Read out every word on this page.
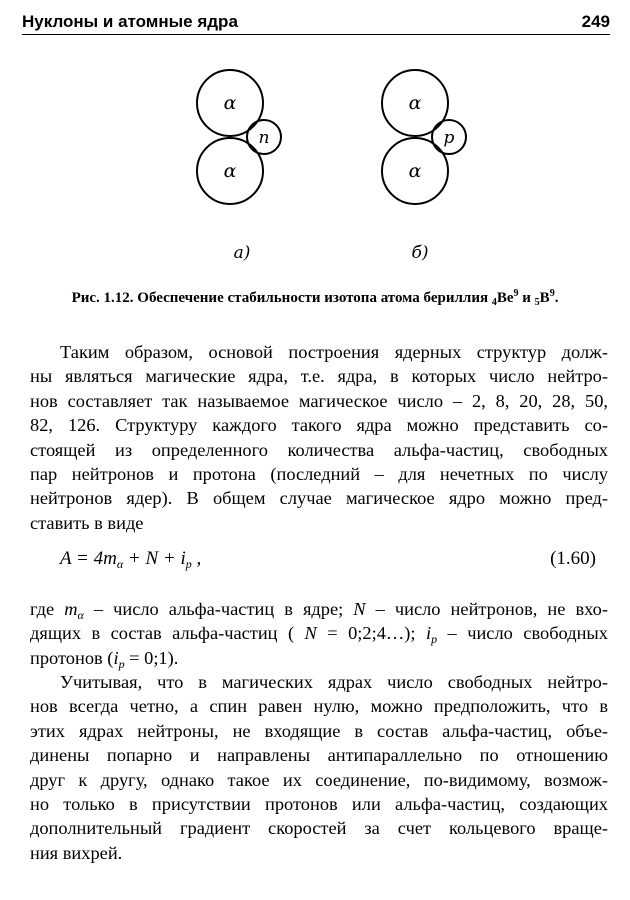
Нуклоны и атомные ядра	249
α
α
n
а)
α
α
p
б)
Рис. 1.12. Обеспечение стабильности изотопа атома бериллия $_4Be^9$ и $_5B^9$.
Таким образом, основой построения ядерных структур долж-
ны являться магические ядра, т.е. ядра, в которых число нейтро-
нов составляет так называемое магическое число – 2, 8, 20, 28, 50,
82, 126. Структуру каждого такого ядра можно представить со-
стоящей из определенного количества альфа-частиц, свободных
пар нейтронов и протона (последний – для нечетных по числу
нейтронов ядер). В общем случае магическое ядро можно пред-
ставить в виде
$A = 4m_\alpha + N + i_p$ ,	(1.60)
где $m_\alpha$ – число альфа-частиц в ядре; N – число нейтронов, не вхо-
дящих в состав альфа-частиц ( N = 0;2;4…); $i_p$ – число свободных
протонов ($i_p$ = 0;1).
Учитывая, что в магических ядрах число свободных нейтро-
нов всегда четно, а спин равен нулю, можно предположить, что в
этих ядрах нейтроны, не входящие в состав альфа-частиц, объе-
динены попарно и направлены антипараллельно по отношению
друг к другу, однако такое их соединение, по-видимому, возмож-
но только в присутствии протонов или альфа-частиц, создающих
дополнительный градиент скоростей за счет кольцевого враще-
ния вихрей.
